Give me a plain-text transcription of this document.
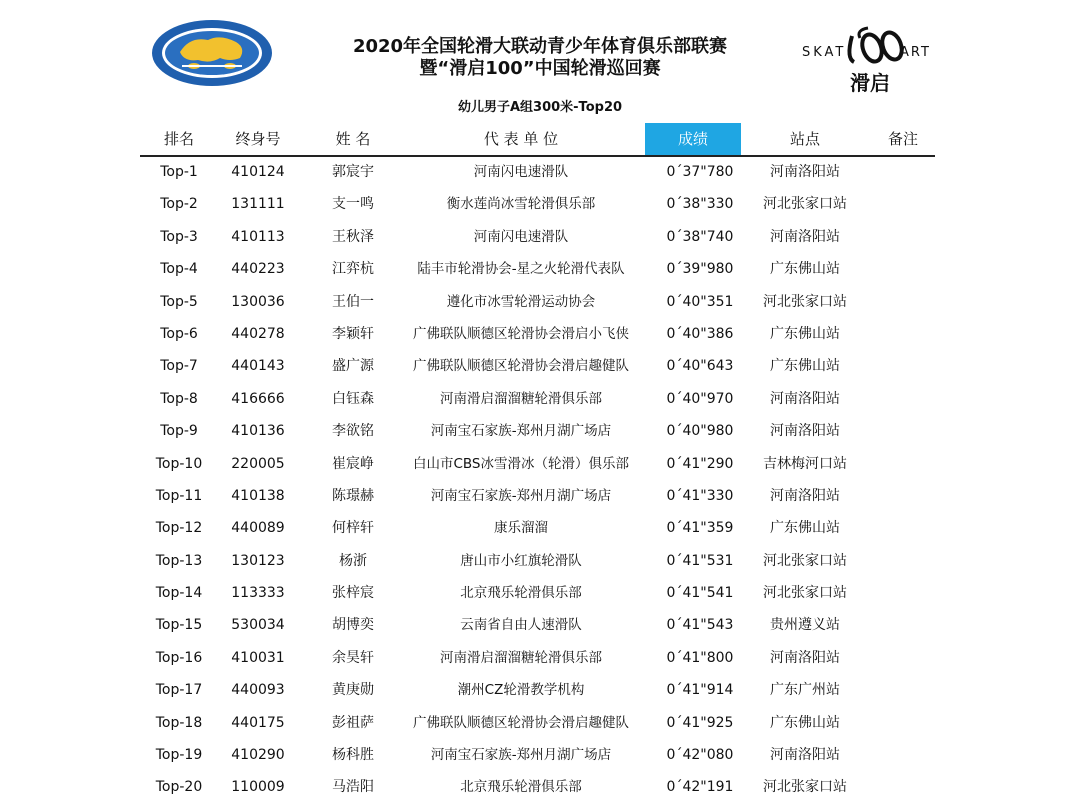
SKAT	ART
滑启
2020年全国轮滑大联动青少年体育俱乐部联赛
暨“滑启100”中国轮滑巡回赛
幼儿男子A组300米-Top20
排名	终身号	姓 名	代 表 单 位	成绩	站点	备注
Top-1	410124	郭宸宇	河南闪电速滑队	0´37"780	河南洛阳站
Top-2	131111	支一鸣	衡水莲尚冰雪轮滑俱乐部	0´38"330	河北张家口站
Top-3	410113	王秋泽	河南闪电速滑队	0´38"740	河南洛阳站
Top-4	440223	江弈杭	陆丰市轮滑协会-星之火轮滑代表队	0´39"980	广东佛山站
Top-5	130036	王伯一	遵化市冰雪轮滑运动协会	0´40"351	河北张家口站
Top-6	440278	李颖轩	广佛联队顺德区轮滑协会滑启小飞侠	0´40"386	广东佛山站
Top-7	440143	盛广源	广佛联队顺德区轮滑协会滑启趣健队	0´40"643	广东佛山站
Top-8	416666	白钰森	河南滑启溜溜糖轮滑俱乐部	0´40"970	河南洛阳站
Top-9	410136	李欲铭	河南宝石家族-郑州月湖广场店	0´40"980	河南洛阳站
Top-10	220005	崔宸峥	白山市CBS冰雪滑冰（轮滑）俱乐部	0´41"290	吉林梅河口站
Top-11	410138	陈璟赫	河南宝石家族-郑州月湖广场店	0´41"330	河南洛阳站
Top-12	440089	何梓轩	康乐溜溜	0´41"359	广东佛山站
Top-13	130123	杨浙	唐山市小红旗轮滑队	0´41"531	河北张家口站
Top-14	113333	张梓宸	北京飛乐轮滑俱乐部	0´41"541	河北张家口站
Top-15	530034	胡博奕	云南省自由人速滑队	0´41"543	贵州遵义站
Top-16	410031	余昊轩	河南滑启溜溜糖轮滑俱乐部	0´41"800	河南洛阳站
Top-17	440093	黄庚勋	潮州CZ轮滑教学机构	0´41"914	广东广州站
Top-18	440175	彭祖萨	广佛联队顺德区轮滑协会滑启趣健队	0´41"925	广东佛山站
Top-19	410290	杨科胜	河南宝石家族-郑州月湖广场店	0´42"080	河南洛阳站
Top-20	110009	马浩阳	北京飛乐轮滑俱乐部	0´42"191	河北张家口站
